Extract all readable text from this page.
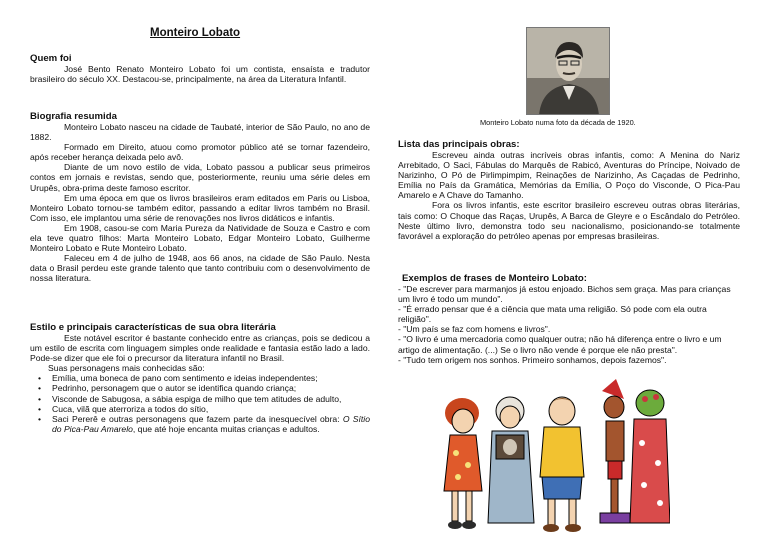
Monteiro Lobato
Quem foi

José Bento Renato Monteiro Lobato foi um contista, ensaísta e tradutor brasileiro do século XX. Destacou-se, principalmente, na área da Literatura Infantil.

Biografia resumida

Monteiro Lobato nasceu na cidade de Taubaté, interior de São Paulo, no ano de 1882.

Formado em Direito, atuou como promotor público até se tornar fazendeiro, após receber herança deixada pelo avô.

Diante de um novo estilo de vida, Lobato passou a publicar seus primeiros contos em jornais e revistas, sendo que, posteriormente, reuniu uma série deles em Urupês, obra-prima deste famoso escritor.

Em uma época em que os livros brasileiros eram editados em Paris ou Lisboa, Monteiro Lobato tornou-se também editor, passando a editar livros também no Brasil. Com isso, ele implantou uma série de renovações nos livros didáticos e infantis.

Em 1908, casou-se com Maria Pureza da Natividade de Souza e Castro e com ela teve quatro filhos: Marta Monteiro Lobato, Edgar Monteiro Lobato, Guilherme Monteiro Lobato e Rute Monteiro Lobato.

Faleceu em 4 de julho de 1948, aos 66 anos, na cidade de São Paulo. Nesta data o Brasil perdeu este grande talento que tanto contribuiu com o desenvolvimento de nossa literatura.

Estilo e principais características de sua obra literária

Este notável escritor é bastante conhecido entre as crianças, pois se dedicou a um estilo de escrita com linguagem simples onde realidade e fantasia estão lado a lado. Pode-se dizer que ele foi o precursor da literatura infantil no Brasil.

Suas personagens mais conhecidas são:

• Emília, uma boneca de pano com sentimento e ideias independentes;
• Pedrinho, personagem que o autor se identifica quando criança;
• Visconde de Sabugosa, a sábia espiga de milho que tem atitudes de adulto,
• Cuca, vilã que aterroriza a todos do sítio,
• Saci Pererê e outras personagens que fazem parte da inesquecível obra: O Sítio do Pica-Pau Amarelo, que até hoje encanta muitas crianças e adultos.
Monteiro Lobato numa foto da década de 1920.
Lista das principais obras:

Escreveu ainda outras incríveis obras infantis, como: A Menina do Nariz Arrebitado, O Saci, Fábulas do Marquês de Rabicó, Aventuras do Príncipe, Noivado de Narizinho, O Pó de Pirlimpimpim, Reinações de Narizinho, As Caçadas de Pedrinho, Emília no País da Gramática, Memórias da Emília, O Poço do Visconde, O Pica-Pau Amarelo e A Chave do Tamanho.

Fora os livros infantis, este escritor brasileiro escreveu outras obras literárias, tais como: O Choque das Raças, Urupês, A Barca de Gleyre e o Escândalo do Petróleo. Neste último livro, demonstra todo seu nacionalismo, posicionando-se totalmente favorável a exploração do petróleo apenas por empresas brasileiras.

Exemplos de frases de Monteiro Lobato:

- "De escrever para marmanjos já estou enjoado. Bichos sem graça. Mas para crianças um livro é todo um mundo".

- "É errado pensar que é a ciência que mata uma religião. Só pode com ela outra religião".

- "Um país se faz com homens e livros".

- "O livro é uma mercadoria como qualquer outra; não há diferença entre o livro e um artigo de alimentação. (...) Se o livro não vende é porque ele não presta".

- "Tudo tem origem nos sonhos. Primeiro sonhamos, depois fazemos".
